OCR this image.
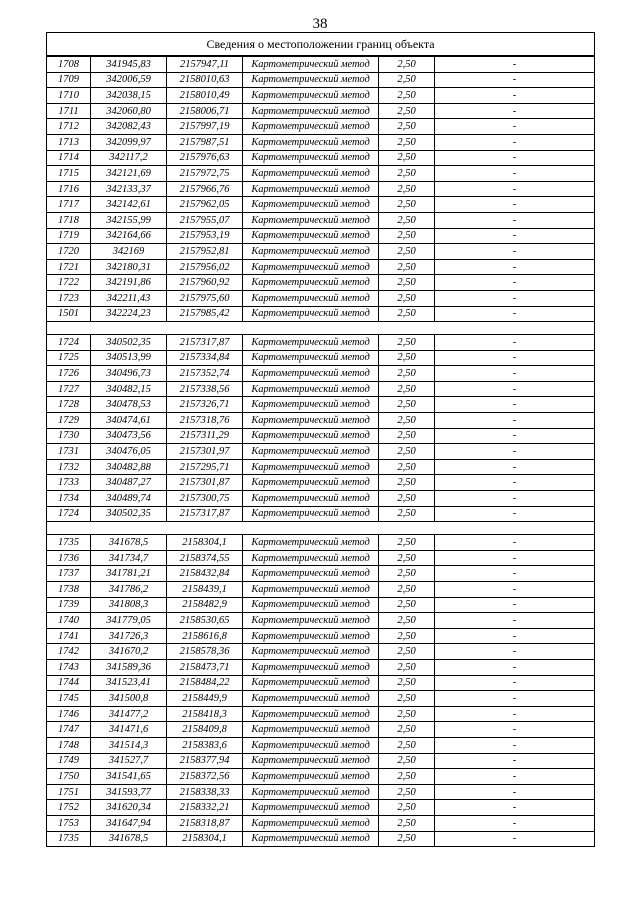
38
Сведения о местоположении границ объекта					
1708	341945,83	2157947,11	Картометрический метод	2,50	-
1709	342006,59	2158010,63	Картометрический метод	2,50	-
1710	342038,15	2158010,49	Картометрический метод	2,50	-
1711	342060,80	2158006,71	Картометрический метод	2,50	-
1712	342082,43	2157997,19	Картометрический метод	2,50	-
1713	342099,97	2157987,51	Картометрический метод	2,50	-
1714	342117,2	2157976,63	Картометрический метод	2,50	-
1715	342121,69	2157972,75	Картометрический метод	2,50	-
1716	342133,37	2157966,76	Картометрический метод	2,50	-
1717	342142,61	2157962,05	Картометрический метод	2,50	-
1718	342155,99	2157955,07	Картометрический метод	2,50	-
1719	342164,66	2157953,19	Картометрический метод	2,50	-
1720	342169	2157952,81	Картометрический метод	2,50	-
1721	342180,31	2157956,02	Картометрический метод	2,50	-
1722	342191,86	2157960,92	Картометрический метод	2,50	-
1723	342211,43	2157975,60	Картометрический метод	2,50	-
1501	342224,23	2157985,42	Картометрический метод	2,50	-

1724	340502,35	2157317,87	Картометрический метод	2,50	-
1725	340513,99	2157334,84	Картометрический метод	2,50	-
1726	340496,73	2157352,74	Картометрический метод	2,50	-
1727	340482,15	2157338,56	Картометрический метод	2,50	-
1728	340478,53	2157326,71	Картометрический метод	2,50	-
1729	340474,61	2157318,76	Картометрический метод	2,50	-
1730	340473,56	2157311,29	Картометрический метод	2,50	-
1731	340476,05	2157301,97	Картометрический метод	2,50	-
1732	340482,88	2157295,71	Картометрический метод	2,50	-
1733	340487,27	2157301,87	Картометрический метод	2,50	-
1734	340489,74	2157300,75	Картометрический метод	2,50	-
1724	340502,35	2157317,87	Картометрический метод	2,50	-

1735	341678,5	2158304,1	Картометрический метод	2,50	-
1736	341734,7	2158374,55	Картометрический метод	2,50	-
1737	341781,21	2158432,84	Картометрический метод	2,50	-
1738	341786,2	2158439,1	Картометрический метод	2,50	-
1739	341808,3	2158482,9	Картометрический метод	2,50	-
1740	341779,05	2158530,65	Картометрический метод	2,50	-
1741	341726,3	2158616,8	Картометрический метод	2,50	-
1742	341670,2	2158578,36	Картометрический метод	2,50	-
1743	341589,36	2158473,71	Картометрический метод	2,50	-
1744	341523,41	2158484,22	Картометрический метод	2,50	-
1745	341500,8	2158449,9	Картометрический метод	2,50	-
1746	341477,2	2158418,3	Картометрический метод	2,50	-
1747	341471,6	2158409,8	Картометрический метод	2,50	-
1748	341514,3	2158383,6	Картометрический метод	2,50	-
1749	341527,7	2158377,94	Картометрический метод	2,50	-
1750	341541,65	2158372,56	Картометрический метод	2,50	-
1751	341593,77	2158338,33	Картометрический метод	2,50	-
1752	341620,34	2158332,21	Картометрический метод	2,50	-
1753	341647,94	2158318,87	Картометрический метод	2,50	-
1735	341678,5	2158304,1	Картометрический метод	2,50	-
